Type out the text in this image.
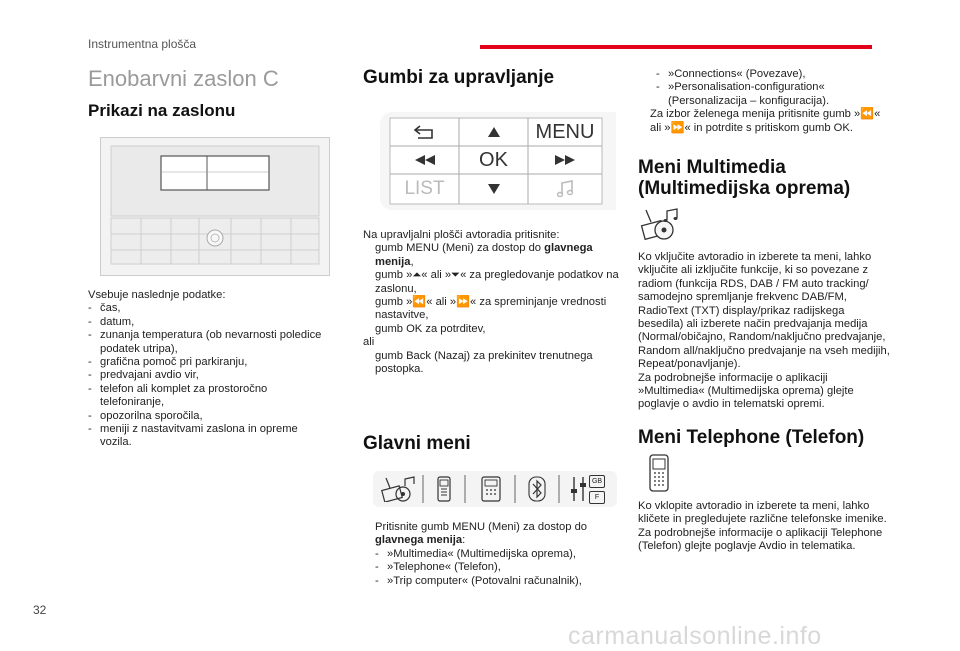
Instrumentna plošča
Enobarvni zaslon C
Prikazi na zaslonu
Vsebuje naslednje podatke:
- čas,
- datum,
- zunanja temperatura (ob nevarnosti poledice podatek utripa),
- grafična pomoč pri parkiranju,
- predvajani avdio vir,
- telefon ali komplet za prostoročno telefoniranje,
- opozorilna sporočila,
- meniji z nastavitvami zaslona in opreme vozila.
Gumbi za upravljanje
MENU
OK
LIST
Na upravljalni plošči avtoradia pritisnite:
gumb MENU (Meni) za dostop do glavnega menija,
gumb »⏶« ali »⏷« za pregledovanje podatkov na zaslonu,
gumb »⏪« ali »⏩« za spreminjanje vrednosti nastavitve,
gumb OK za potrditev,
ali
gumb Back (Nazaj) za prekinitev trenutnega postopka.
Glavni meni
GB
F
Pritisnite gumb MENU (Meni) za dostop do glavnega menija:
- »Multimedia« (Multimedijska oprema),
- »Telephone« (Telefon),
- »Trip computer« (Potovalni računalnik),
- »Connections« (Povezave),
- »Personalisation-configuration« (Personalizacija – konfiguracija).
Za izbor želenega menija pritisnite gumb »⏪« ali »⏩« in potrdite s pritiskom gumb OK.
Meni Multimedia
(Multimedijska oprema)
Ko vključite avtoradio in izberete ta meni, lahko vključite ali izključite funkcije, ki so povezane z radiom (funkcija RDS, DAB / FM auto tracking/ samodejno spremljanje frekvenc DAB/FM, RadioText (TXT) display/prikaz radijskega besedila) ali izberete način predvajanja medija (Normal/običajno, Random/naključno predvajanje, Random all/naključno predvajanje na vseh medijih, Repeat/ponavljanje).
Za podrobnejše informacije o aplikaciji »Multimedia« (Multimedijska oprema) glejte poglavje o avdio in telematski opremi.
Meni Telephone (Telefon)
Ko vklopite avtoradio in izberete ta meni, lahko kličete in pregledujete različne telefonske imenike.
Za podrobnejše informacije o aplikaciji Telephone (Telefon) glejte poglavje Avdio in telematika.
32
carmanualsonline.info
